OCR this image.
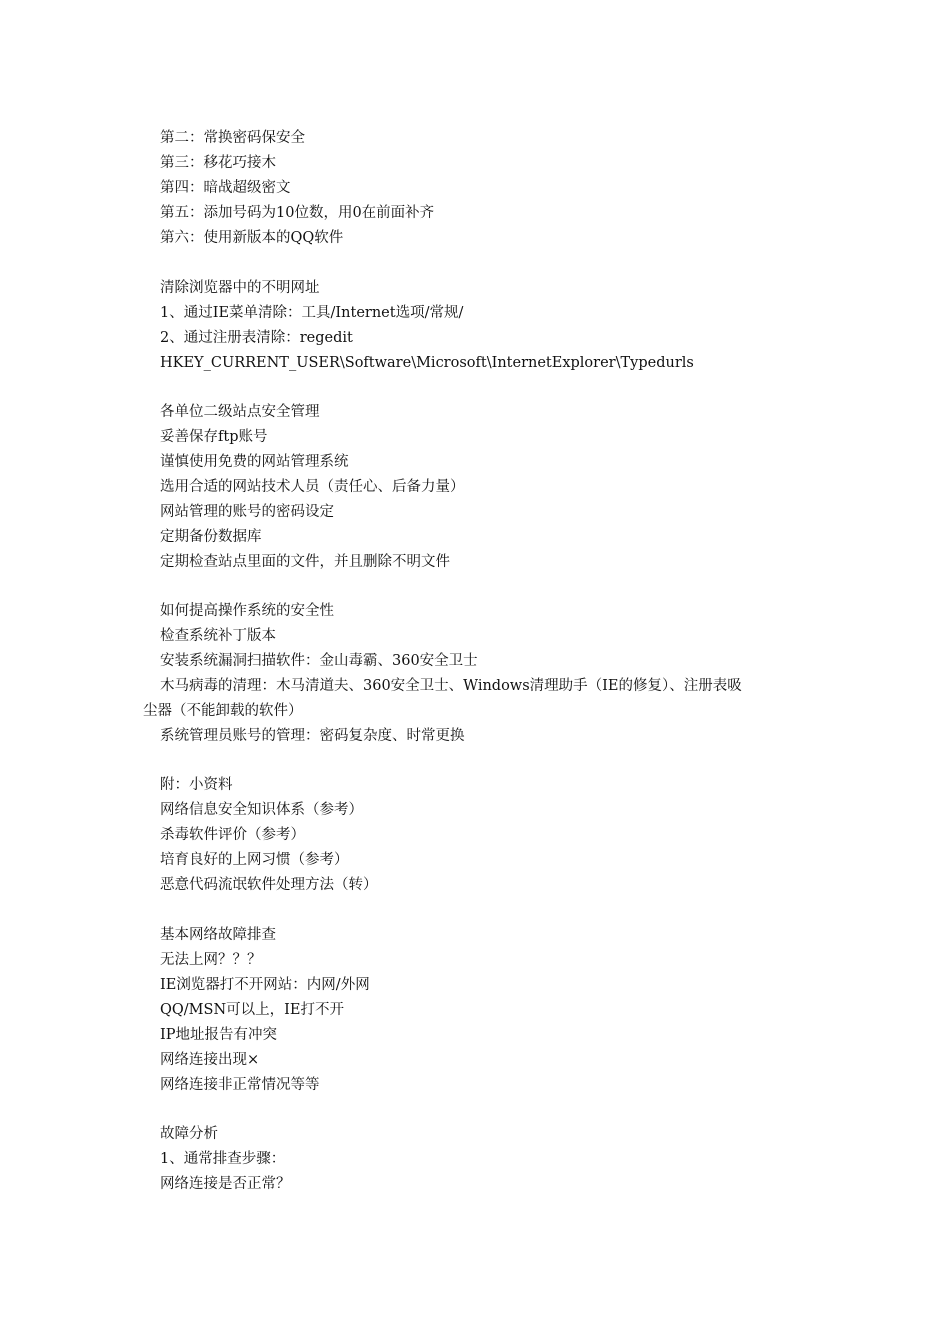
第二：常换密码保安全
第三：移花巧接木
第四：暗战超级密文
第五：添加号码为10位数，用0在前面补齐
第六：使用新版本的QQ软件
清除浏览器中的不明网址
1、通过IE菜单清除：工具/Internet选项/常规/
2、通过注册表清除：regedit
HKEY_CURRENT_USER\Software\Microsoft\InternetExplorer\Typedurls
各单位二级站点安全管理
妥善保存ftp账号
谨慎使用免费的网站管理系统
选用合适的网站技术人员（责任心、后备力量）
网站管理的账号的密码设定
定期备份数据库
定期检查站点里面的文件，并且删除不明文件
如何提高操作系统的安全性
检查系统补丁版本
安装系统漏洞扫描软件：金山毒霸、360安全卫士
木马病毒的清理：木马清道夫、360安全卫士、Windows清理助手（IE的修复）、注册表吸
尘器（不能卸载的软件）
系统管理员账号的管理：密码复杂度、时常更换
附：小资料
网络信息安全知识体系（参考）
杀毒软件评价（参考）
培育良好的上网习惯（参考）
恶意代码流氓软件处理方法（转）
基本网络故障排查
无法上网？？？
IE浏览器打不开网站：内网/外网
QQ/MSN可以上，IE打不开
IP地址报告有冲突
网络连接出现×
网络连接非正常情况等等
故障分析
1、通常排查步骤：
网络连接是否正常？
